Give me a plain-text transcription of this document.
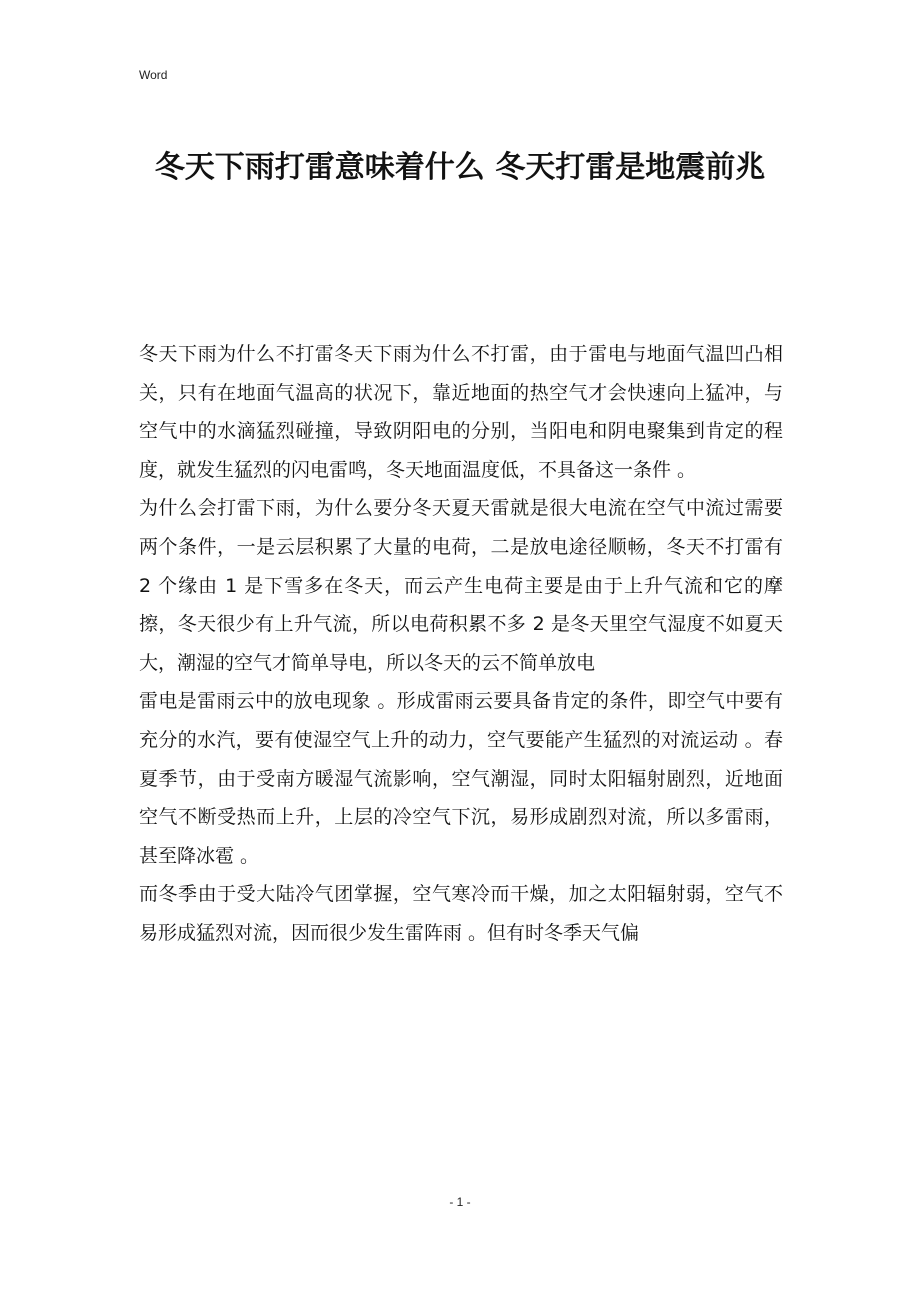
Word
冬天下雨打雷意味着什么 冬天打雷是地震前兆

冬天下雨为什么不打雷冬天下雨为什么不打雷，由于雷电与地面气温凹凸相关，只有在地面气温高的状况下，靠近地面的热空气才会快速向上猛冲，与空气中的水滴猛烈碰撞，导致阴阳电的分别，当阳电和阴电聚集到肯定的程度，就发生猛烈的闪电雷鸣，冬天地面温度低，不具备这一条件 。

为什么会打雷下雨，为什么要分冬天夏天雷就是很大电流在空气中流过需要两个条件，一是云层积累了大量的电荷，二是放电途径顺畅，冬天不打雷有 2 个缘由 1 是下雪多在冬天，而云产生电荷主要是由于上升气流和它的摩擦，冬天很少有上升气流，所以电荷积累不多 2 是冬天里空气湿度不如夏天大，潮湿的空气才简单导电，所以冬天的云不简单放电

雷电是雷雨云中的放电现象 。形成雷雨云要具备肯定的条件，即空气中要有充分的水汽，要有使湿空气上升的动力，空气要能产生猛烈的对流运动 。春夏季节，由于受南方暖湿气流影响，空气潮湿，同时太阳辐射剧烈，近地面空气不断受热而上升，上层的冷空气下沉，易形成剧烈对流，所以多雷雨，甚至降冰雹 。

而冬季由于受大陆冷气团掌握，空气寒冷而干燥，加之太阳辐射弱，空气不易形成猛烈对流，因而很少发生雷阵雨 。但有时冬季天气偏

- 1 -
